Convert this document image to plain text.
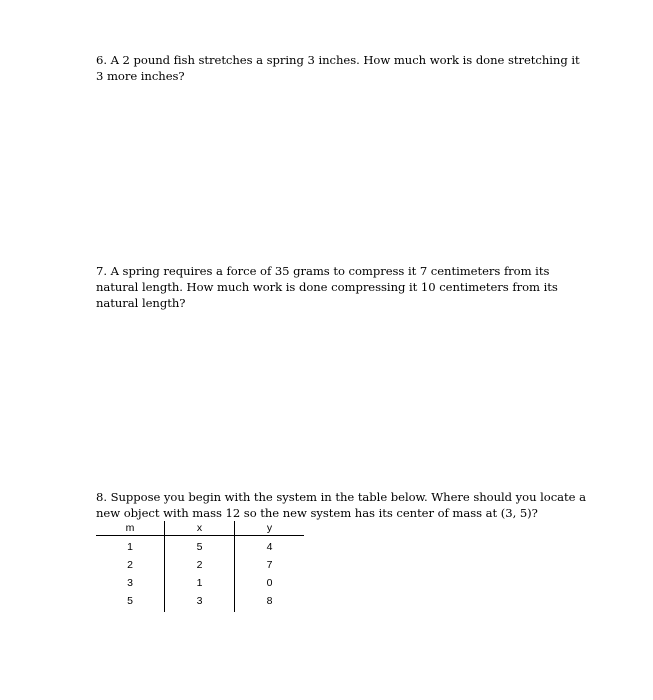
6. A 2 pound fish stretches a spring 3 inches. How much work is done stretching it
3 more inches?
7. A spring requires a force of 35 grams to compress it 7 centimeters from its
natural length. How much work is done compressing it 10 centimeters from its
natural length?
8. Suppose you begin with the system in the table below. Where should you locate a
new object with mass 12 so the new system has its center of mass at (3, 5)?
m	x	y
1	5	4
2	2	7
3	1	0
5	3	8
